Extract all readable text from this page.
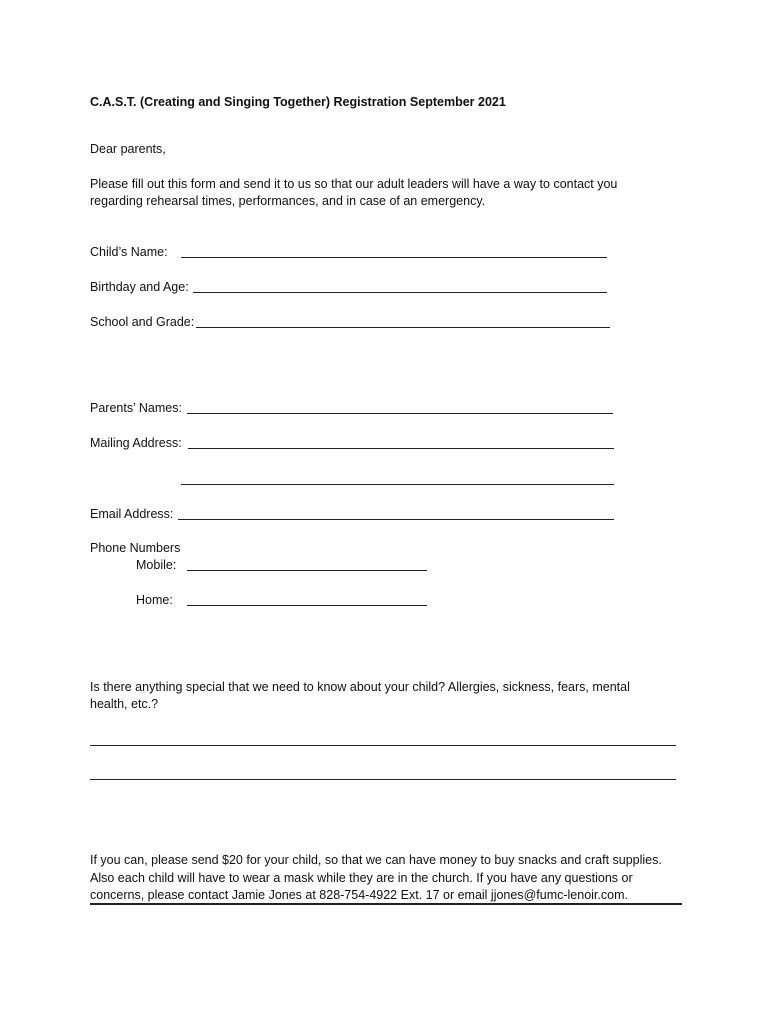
C.A.S.T. (Creating and Singing Together) Registration September 2021
Dear parents,
Please fill out this form and send it to us so that our adult leaders will have a way to contact you
regarding rehearsal times, performances, and in case of an emergency.
Child’s Name:
Birthday and Age:
School and Grade:
Parents’ Names:
Mailing Address:
Email Address:
Phone Numbers
Mobile:
Home:
Is there anything special that we need to know about your child? Allergies, sickness, fears, mental
health, etc.?
If you can, please send $20 for your child, so that we can have money to buy snacks and craft supplies.
Also each child will have to wear a mask while they are in the church. If you have any questions or
concerns, please contact Jamie Jones at 828-754-4922 Ext. 17 or email jjones@fumc-lenoir.com.
